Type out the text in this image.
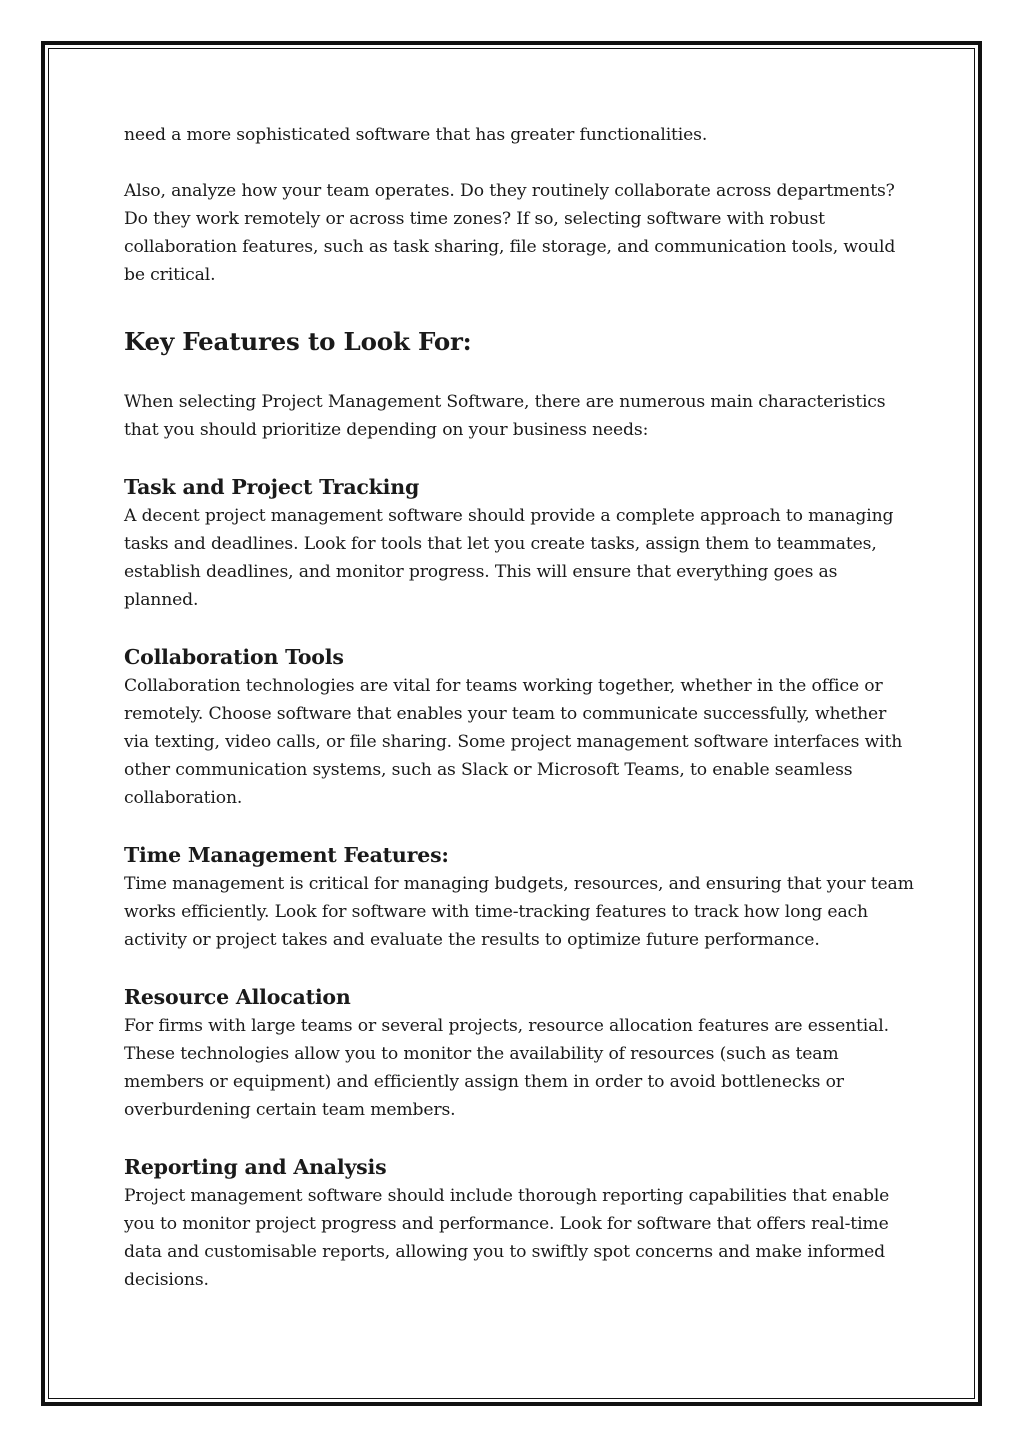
need a more sophisticated software that has greater functionalities.

Also, analyze how your team operates. Do they routinely collaborate across departments? Do they work remotely or across time zones? If so, selecting software with robust collaboration features, such as task sharing, file storage, and communication tools, would be critical.

Key Features to Look For:

When selecting Project Management Software, there are numerous main characteristics that you should prioritize depending on your business needs:

Task and Project Tracking

A decent project management software should provide a complete approach to managing tasks and deadlines. Look for tools that let you create tasks, assign them to teammates, establish deadlines, and monitor progress. This will ensure that everything goes as planned.

Collaboration Tools

Collaboration technologies are vital for teams working together, whether in the office or remotely. Choose software that enables your team to communicate successfully, whether via texting, video calls, or file sharing. Some project management software interfaces with other communication systems, such as Slack or Microsoft Teams, to enable seamless collaboration.

Time Management Features:

Time management is critical for managing budgets, resources, and ensuring that your team works efficiently. Look for software with time-tracking features to track how long each activity or project takes and evaluate the results to optimize future performance.

Resource Allocation

For firms with large teams or several projects, resource allocation features are essential. These technologies allow you to monitor the availability of resources (such as team members or equipment) and efficiently assign them in order to avoid bottlenecks or overburdening certain team members.

Reporting and Analysis

Project management software should include thorough reporting capabilities that enable you to monitor project progress and performance. Look for software that offers real-time data and customisable reports, allowing you to swiftly spot concerns and make informed decisions.
